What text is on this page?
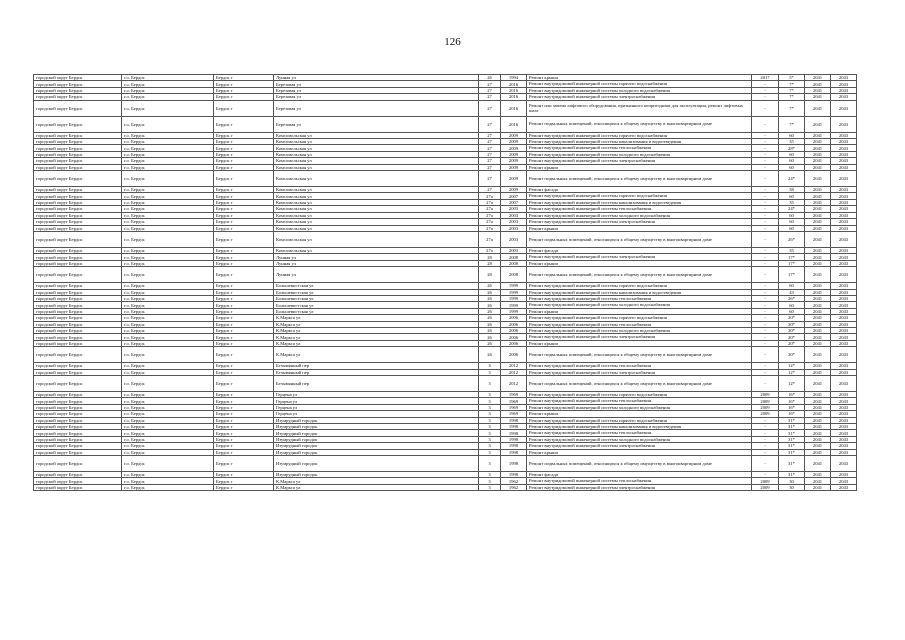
126
городской округ Бердск	г.о. Бердск	Бердск г	Лунная ул	26	1994	Ремонт крыши	2017	5*	2041	2043
городской округ Бердск	г.о. Бердск	Бердск г	Березовая ул	27	2016	Ремонт внутридомовой инженерной системы горячего водоснабжения	-	7*	2041	2043
городской округ Бердск	г.о. Бердск	Бердск г	Березовая ул	27	2016	Ремонт внутридомовой инженерной системы холодного водоснабжения	-	7*	2041	2043
городской округ Бердск	г.о. Бердск	Бердск г	Березовая ул	27	2016	Ремонт внутридомовой инженерной системы электроснабжения	-	7*	2041	2043
городской округ Бердск	г.о. Бердск	Бердск г	Березовая ул	27	2016	Ремонт или замена лифтового оборудования, признанного непригодным для эксплуатации, ремонт лифтовых шахт	-	7*	2041	2043
городской округ Бердск	г.о. Бердск	Бердск г	Березовая ул	27	2016	Ремонт подвальных помещений, относящихся к общему имуществу в многоквартирном доме	-	7*	2041	2043
городской округ Бердск	г.о. Бердск	Бердск г	Комсомольская ул	27	2009	Ремонт внутридомовой инженерной системы горячего водоснабжения	-	60	2041	2043
городской округ Бердск	г.о. Бердск	Бердск г	Комсомольская ул	27	2009	Ремонт внутридомовой инженерной системы канализования и водоотведения	-	35	2041	2043
городской округ Бердск	г.о. Бердск	Бердск г	Комсомольская ул	27	2009	Ремонт внутридомовой инженерной системы теплоснабжения	-	28*	2041	2043
городской округ Бердск	г.о. Бердск	Бердск г	Комсомольская ул	27	2009	Ремонт внутридомовой инженерной системы холодного водоснабжения	-	60	2041	2043
городской округ Бердск	г.о. Бердск	Бердск г	Комсомольская ул	27	2009	Ремонт внутридомовой инженерной системы электроснабжения	-	60	2041	2043
городской округ Бердск	г.о. Бердск	Бердск г	Комсомольская ул	27	2009	Ремонт крыши	-	60	2041	2043
городской округ Бердск	г.о. Бердск	Бердск г	Комсомольская ул	27	2009	Ремонт подвальных помещений, относящихся к общему имуществу в многоквартирном доме	-	24*	2041	2043
городской округ Бердск	г.о. Бердск	Бердск г	Комсомольская ул	27	2009	Ремонт фасада	-	38	2041	2043
городской округ Бердск	г.о. Бердск	Бердск г	Комсомольская ул	27а	2007	Ремонт внутридомовой инженерной системы горячего водоснабжения	-	60	2041	2043
городской округ Бердск	г.о. Бердск	Бердск г	Комсомольская ул	27а	2007	Ремонт внутридомовой инженерной системы канализования и водоотведения	-	35	2041	2043
городской округ Бердск	г.о. Бердск	Бердск г	Комсомольская ул	27а	2003	Ремонт внутридомовой инженерной системы теплоснабжения	-	24*	2041	2043
городской округ Бердск	г.о. Бердск	Бердск г	Комсомольская ул	27а	2003	Ремонт внутридомовой инженерной системы холодного водоснабжения	-	60	2041	2043
городской округ Бердск	г.о. Бердск	Бердск г	Комсомольская ул	27а	2003	Ремонт внутридомовой инженерной системы электроснабжения	-	60	2041	2043
городской округ Бердск	г.о. Бердск	Бердск г	Комсомольская ул	27а	2003	Ремонт крыши	-	60	2041	2043
городской округ Бердск	г.о. Бердск	Бердск г	Комсомольская ул	27а	2003	Ремонт подвальных помещений, относящихся к общему имуществу в многоквартирном доме	-	26*	2041	2043
городской округ Бердск	г.о. Бердск	Бердск г	Комсомольская ул	27а	2003	Ремонт фасада	-	35	2041	2043
городской округ Бердск	г.о. Бердск	Бердск г	Лунная ул	28	2008	Ремонт внутридомовой инженерной системы электроснабжения	-	17*	2041	2043
городской округ Бердск	г.о. Бердск	Бердск г	Лунная ул	28	2008	Ремонт крыши	-	17*	2041	2043
городской округ Бердск	г.о. Бердск	Бердск г	Лунная ул	28	2008	Ремонт подвальных помещений, относящихся к общему имуществу в многоквартирном доме	-	17*	2041	2043
городской округ Бердск	г.о. Бердск	Бердск г	Большевистская ул	26	1999	Ремонт внутридомовой инженерной системы горячего водоснабжения	-	60	2041	2043
городской округ Бердск	г.о. Бердск	Бердск г	Большевистская ул	26	1999	Ремонт внутридомовой инженерной системы канализования и водоотведения	-	43	2041	2043
городской округ Бердск	г.о. Бердск	Бердск г	Большевистская ул	26	1999	Ремонт внутридомовой инженерной системы теплоснабжения	-	26*	2041	2043
городской округ Бердск	г.о. Бердск	Бердск г	Большевистская ул	26	1999	Ремонт внутридомовой инженерной системы холодного водоснабжения	-	60	2041	2043
городской округ Бердск	г.о. Бердск	Бердск г	Большевистская ул	26	1999	Ремонт крыши	-	60	2041	2043
городской округ Бердск	г.о. Бердск	Бердск г	К.Маркса ул	26	2006	Ремонт внутридомовой инженерной системы горячего водоснабжения	-	20*	2041	2043
городской округ Бердск	г.о. Бердск	Бердск г	К.Маркса ул	26	2006	Ремонт внутридомовой инженерной системы теплоснабжения	-	20*	2041	2043
городской округ Бердск	г.о. Бердск	Бердск г	К.Маркса ул	26	2006	Ремонт внутридомовой инженерной системы холодного водоснабжения	-	20*	2041	2043
городской округ Бердск	г.о. Бердск	Бердск г	К.Маркса ул	26	2006	Ремонт внутридомовой инженерной системы электроснабжения	-	20*	2041	2043
городской округ Бердск	г.о. Бердск	Бердск г	К.Маркса ул	26	2006	Ремонт крыши	-	20*	2041	2043
городской округ Бердск	г.о. Бердск	Бердск г	К.Маркса ул	26	2006	Ремонт подвальных помещений, относящихся к общему имуществу в многоквартирном доме	-	20*	2041	2043
городской округ Бердск	г.о. Бердск	Бердск г	Безымянный пер	3	2012	Ремонт внутридомовой инженерной системы теплоснабжения	-	12*	2041	2043
городской округ Бердск	г.о. Бердск	Бердск г	Безымянный пер	3	2012	Ремонт внутридомовой инженерной системы электроснабжения	-	12*	2041	2043
городской округ Бердск	г.о. Бердск	Бердск г	Безымянный пер	3	2012	Ремонт подвальных помещений, относящихся к общему имуществу в многоквартирном доме	-	12*	2041	2043
городской округ Бердск	г.о. Бердск	Бердск г	Герцена ул	3	1969	Ремонт внутридомовой инженерной системы горячего водоснабжения	2009	16*	2041	2043
городской округ Бердск	г.о. Бердск	Бердск г	Герцена ул	3	1969	Ремонт внутридомовой инженерной системы теплоснабжения	2009	16*	2041	2043
городской округ Бердск	г.о. Бердск	Бердск г	Герцена ул	3	1969	Ремонт внутридомовой инженерной системы холодного водоснабжения	2009	16*	2041	2043
городской округ Бердск	г.о. Бердск	Бердск г	Герцена ул	3	1969	Ремонт крыши	2009	16*	2041	2043
городской округ Бердск	г.о. Бердск	Бердск г	Изумрудный городок	3	1998	Ремонт внутридомовой инженерной системы горячего водоснабжения	-	31*	2041	2043
городской округ Бердск	г.о. Бердск	Бердск г	Изумрудный городок	3	1998	Ремонт внутридомовой инженерной системы канализования и водоотведения	-	31*	2041	2043
городской округ Бердск	г.о. Бердск	Бердск г	Изумрудный городок	3	1998	Ремонт внутридомовой инженерной системы теплоснабжения	-	31*	2041	2043
городской округ Бердск	г.о. Бердск	Бердск г	Изумрудный городок	3	1998	Ремонт внутридомовой инженерной системы холодного водоснабжения	-	31*	2041	2043
городской округ Бердск	г.о. Бердск	Бердск г	Изумрудный городок	3	1998	Ремонт внутридомовой инженерной системы электроснабжения	-	31*	2041	2043
городской округ Бердск	г.о. Бердск	Бердск г	Изумрудный городок	3	1998	Ремонт крыши	-	31*	2041	2043
городской округ Бердск	г.о. Бердск	Бердск г	Изумрудный городок	3	1998	Ремонт подвальных помещений, относящихся к общему имуществу в многоквартирном доме	-	31*	2041	2043
городской округ Бердск	г.о. Бердск	Бердск г	Изумрудный городок	3	1998	Ремонт фасада	-	31*	2041	2043
городской округ Бердск	г.о. Бердск	Бердск г	К.Маркса ул	3	1962	Ремонт внутридомовой инженерной системы теплоснабжения	2009	30	2041	2043
городской округ Бердск	г.о. Бердск	Бердск г	К.Маркса ул	3	1962	Ремонт внутридомовой инженерной системы электроснабжения	2009	30	2041	2043
